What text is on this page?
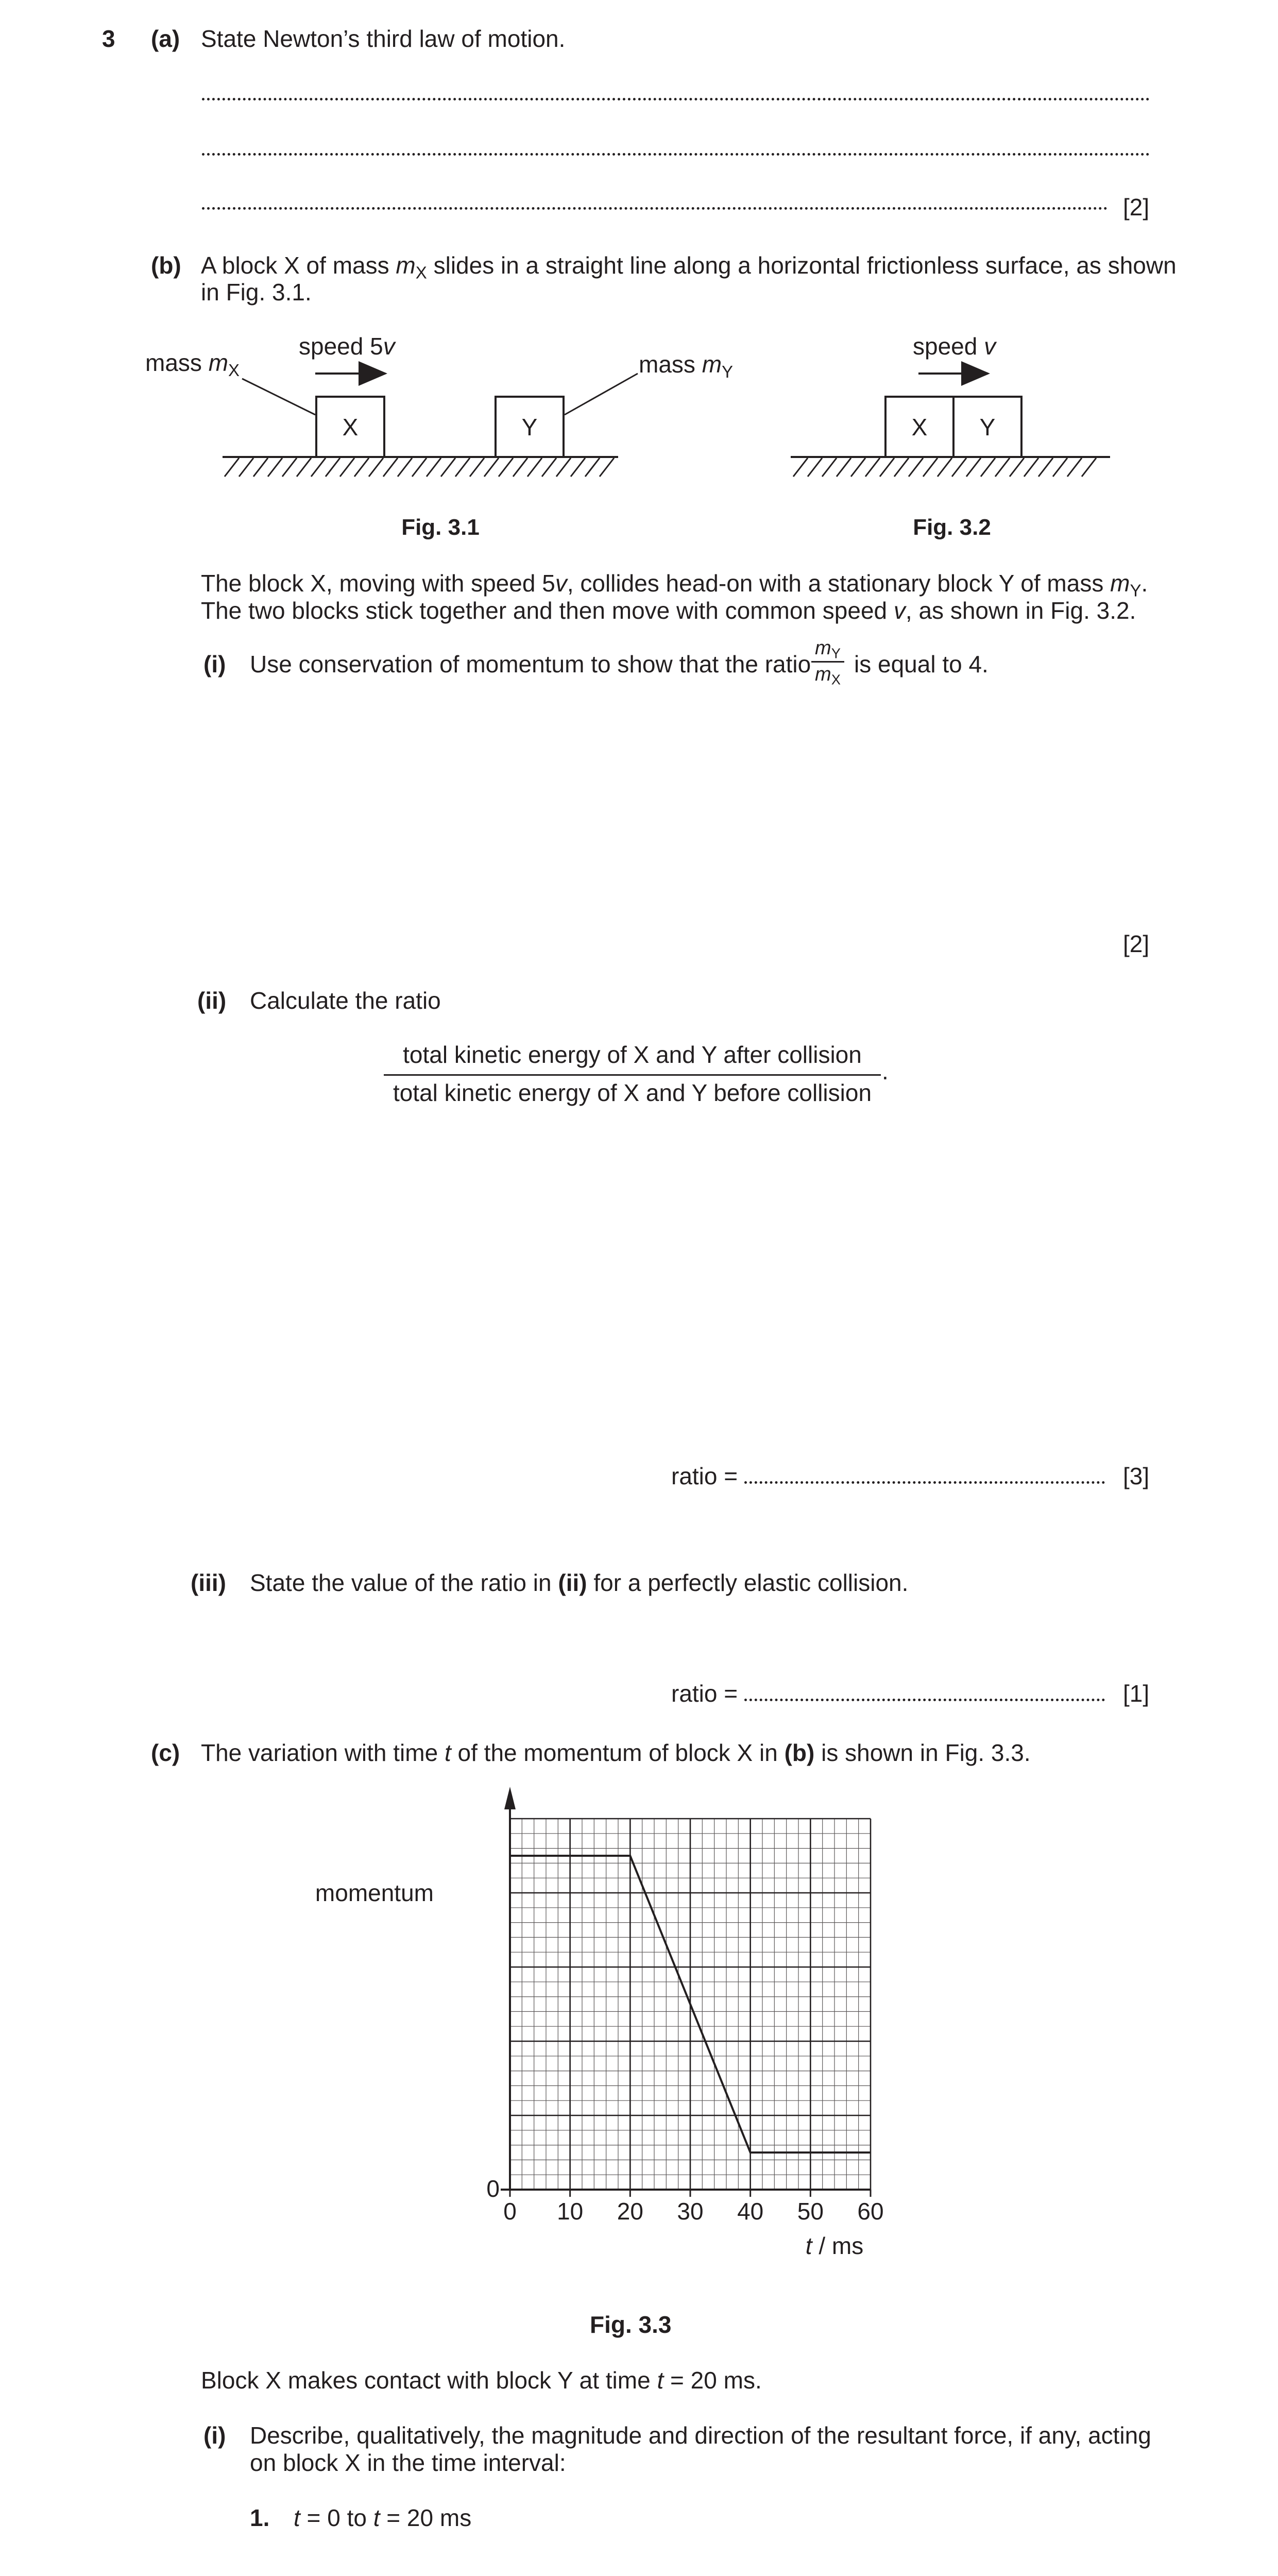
3 (a) State Newton’s third law of motion.
[2]
(b) A block X of mass $m_X$ slides in a straight line along a horizontal frictionless surface, as shown
in Fig. 3.1.
X	Y
speed 5v
mass $m_X$	mass $m_Y$
Fig. 3.1
X Y
speed v
Fig. 3.2
The block X, moving with speed 5v, collides head-on with a stationary block Y of mass $m_Y$.
The two blocks stick together and then move with common speed v, as shown in Fig. 3.2.
(i) Use conservation of momentum to show that the ratio
$m_Y$
$m_X$
is equal to 4.
[2]
(ii) Calculate the ratio
total kinetic energy of X and Y after collision
total kinetic energy of X and Y before collision
.
ratio =	[3]
(iii) State the value of the ratio in (ii) for a perfectly elastic collision.
ratio =	[1]
(c) The variation with time t of the momentum of block X in (b) is shown in Fig. 3.3.
0 10 20 30 40 50 60
momentum
0
t / ms
Fig. 3.3
Block X makes contact with block Y at time t = 20 ms.
(i) Describe, qualitatively, the magnitude and direction of the resultant force, if any, acting
on block X in the time interval:
1. t = 0 to t = 20 ms
